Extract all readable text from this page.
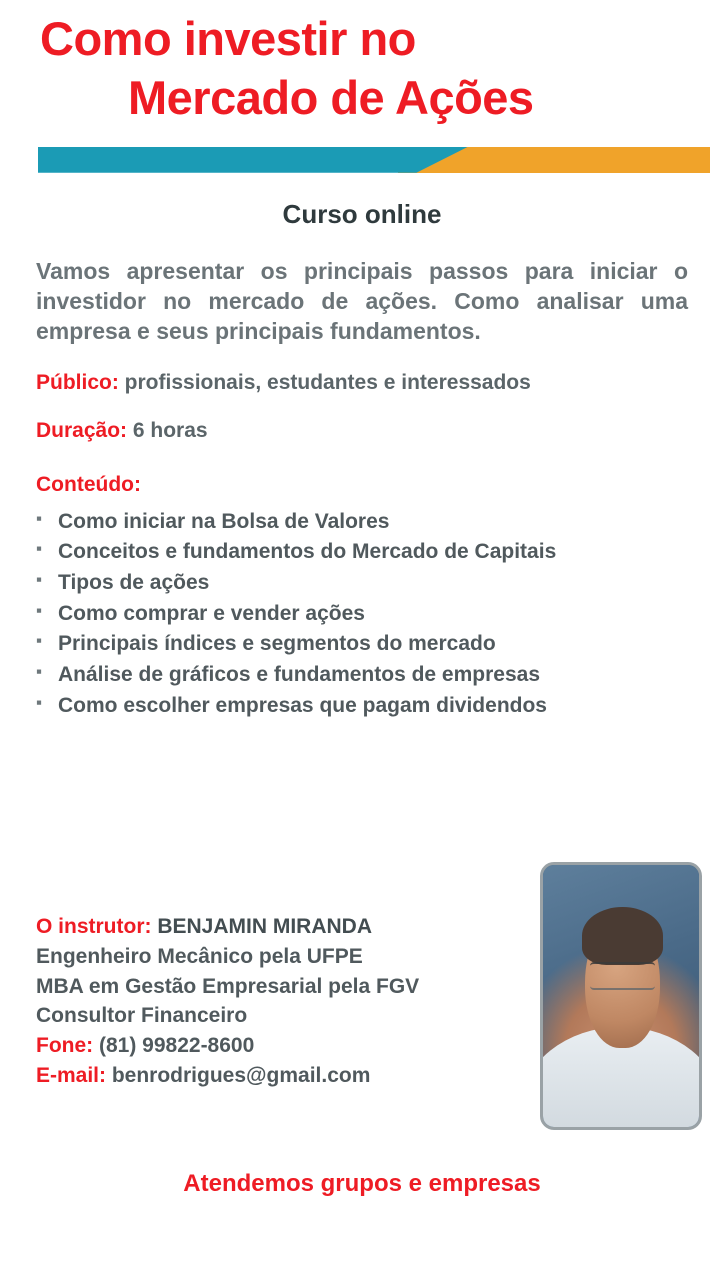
Como investir no
Mercado de Ações
Curso online
Vamos apresentar os principais passos para iniciar o investidor no mercado de ações. Como analisar uma empresa e seus principais fundamentos.
Público: profissionais, estudantes e interessados
Duração: 6 horas
Conteúdo:
▪ Como iniciar na Bolsa de Valores
▪ Conceitos e fundamentos do Mercado de Capitais
▪ Tipos de ações
▪ Como comprar e vender ações
▪ Principais índices e segmentos do mercado
▪ Análise de gráficos e fundamentos de empresas
▪ Como escolher empresas que pagam dividendos
O instrutor: BENJAMIN MIRANDA
Engenheiro Mecânico pela UFPE
MBA em Gestão Empresarial pela FGV
Consultor Financeiro
Fone: (81) 99822-8600
E-mail: benrodrigues@gmail.com
Atendemos grupos e empresas
